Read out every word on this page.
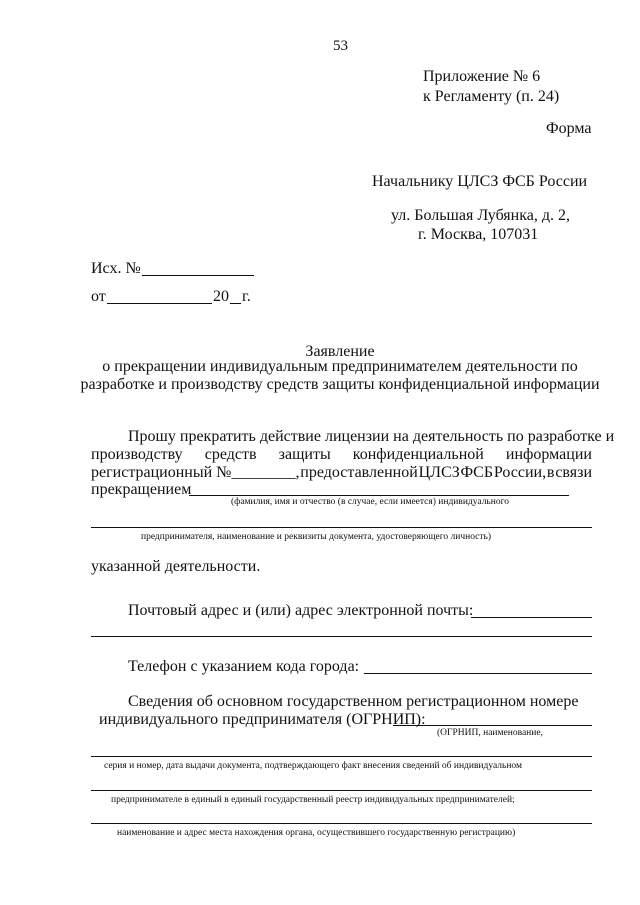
53
Приложение № 6
к Регламенту (п. 24)
Форма
Начальнику ЦЛСЗ ФСБ России
ул. Большая Лубянка, д. 2,
г. Москва, 107031
Исх. №
от	20 г.
Заявление
о прекращении индивидуальным предпринимателем деятельности по
разработке и производству средств защиты конфиденциальной информации
Прошу прекратить действие лицензии на деятельность по разработке и
производству средств защиты конфиденциальной информации
регистрационный №________, предоставленной ЦЛСЗ ФСБ России, в связи
прекращением
(фамилия, имя и отчество (в случае, если имеется) индивидуального
предпринимателя, наименование и реквизиты документа, удостоверяющего личность)
указанной деятельности.
Почтовый адрес и (или) адрес электронной почты:
Телефон с указанием кода города:
Сведения об основном государственном регистрационном номере
индивидуального предпринимателя (ОГРНИП):
(ОГРНИП, наименование,
серия и номер, дата выдачи документа, подтверждающего факт внесения сведений об индивидуальном
предпринимателе в единый в единый государственный реестр индивидуальных предпринимателей;
наименование и адрес места нахождения органа, осуществившего государственную регистрацию)
